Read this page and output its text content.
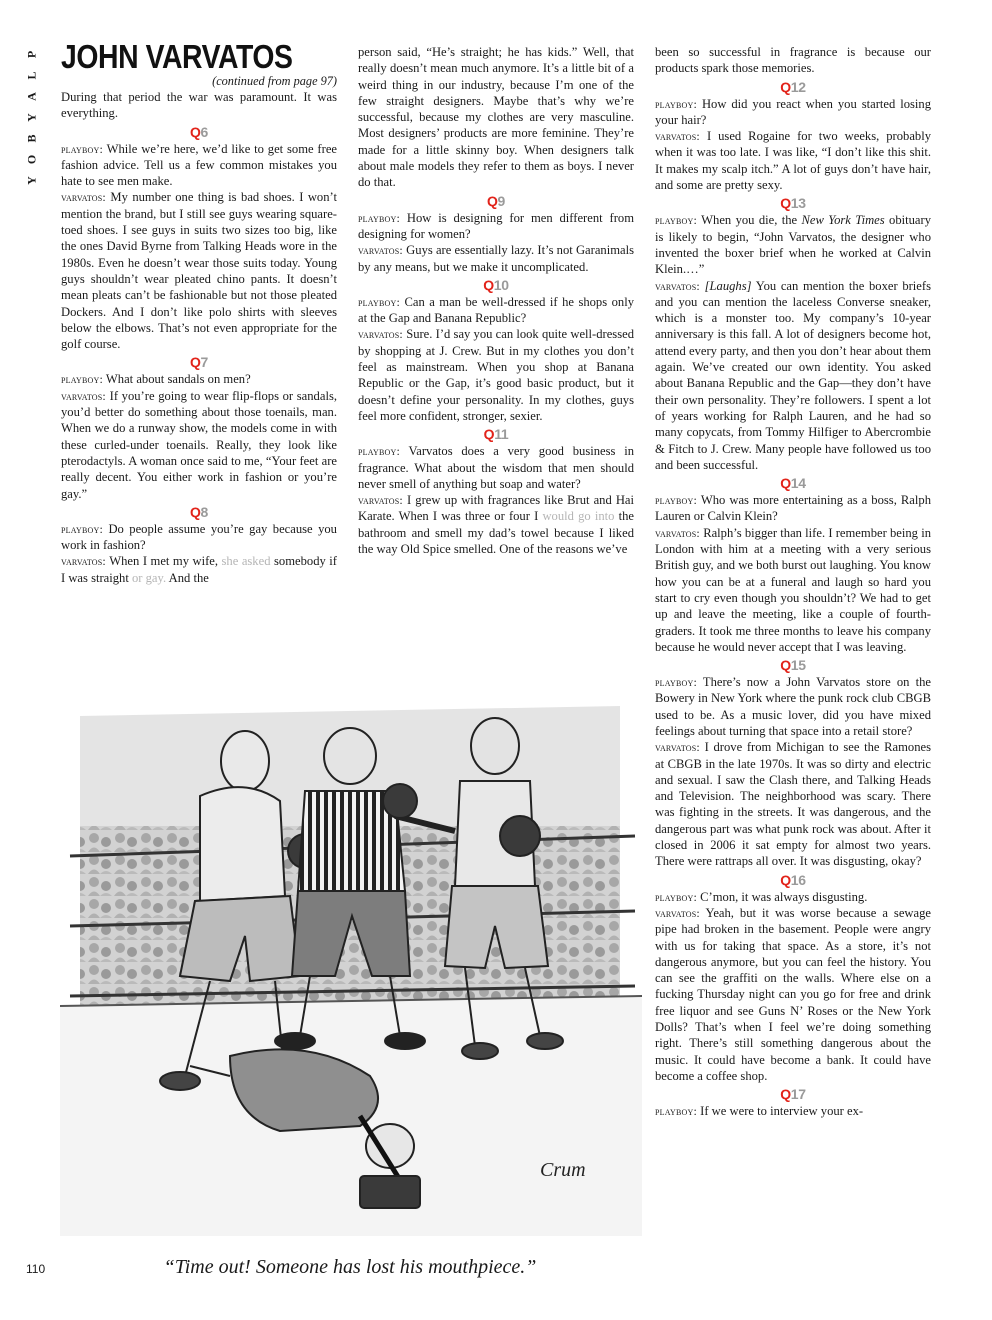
P
L
A
Y
B
O
Y
JOHN VARVATOS

(continued from page 97)

During that period the war was paramount. It was everything.

Q6

playboy: While we’re here, we’d like to get some free fashion advice. Tell us a few common mistakes you hate to see men make.

varvatos: My number one thing is bad shoes. I won’t mention the brand, but I still see guys wearing square-toed shoes. I see guys in suits two sizes too big, like the ones David Byrne from Talking Heads wore in the 1980s. Even he doesn’t wear those suits today. Young guys shouldn’t wear pleated chino pants. It doesn’t mean pleats can’t be fashionable but not those pleated Dockers. And I don’t like polo shirts with sleeves below the elbows. That’s not even appropriate for the golf course.

Q7

playboy: What about sandals on men?

varvatos: If you’re going to wear flip-flops or sandals, you’d better do something about those toenails, man. When we do a runway show, the models come in with these curled-under toenails. Really, they look like pterodactyls. A woman once said to me, “Your feet are really decent. You either work in fashion or you’re gay.”

Q8

playboy: Do people assume you’re gay because you work in fashion?

varvatos: When I met my wife, she asked somebody if I was straight or gay. And the

person said, “He’s straight; he has kids.” Well, that really doesn’t mean much anymore. It’s a little bit of a weird thing in our industry, because I’m one of the few straight designers. Maybe that’s why we’re successful, because my clothes are very masculine. Most designers’ products are more feminine. They’re made for a little skinny boy. When designers talk about male models they refer to them as boys. I never do that.

Q9

playboy: How is designing for men different from designing for women?

varvatos: Guys are essentially lazy. It’s not Garanimals by any means, but we make it uncomplicated.

Q10

playboy: Can a man be well-dressed if he shops only at the Gap and Banana Republic?

varvatos: Sure. I’d say you can look quite well-dressed by shopping at J. Crew. But in my clothes you don’t feel as mainstream. When you shop at Banana Republic or the Gap, it’s good basic product, but it doesn’t define your personality. In my clothes, guys feel more confident, stronger, sexier.

Q11

playboy: Varvatos does a very good business in fragrance. What about the wisdom that men should never smell of anything but soap and water?

varvatos: I grew up with fragrances like Brut and Hai Karate. When I was three or four I would go into the bathroom and smell my dad’s towel because I liked the way Old Spice smelled. One of the reasons we’ve

been so successful in fragrance is because our products spark those memories.

Q12

playboy: How did you react when you started losing your hair?

varvatos: I used Rogaine for two weeks, probably when it was too late. I was like, “I don’t like this shit. It makes my scalp itch.” A lot of guys don’t have hair, and some are pretty sexy.

Q13

playboy: When you die, the New York Times obituary is likely to begin, “John Varvatos, the designer who invented the boxer brief when he worked at Calvin Klein.…”

varvatos: [Laughs] You can mention the boxer briefs and you can mention the laceless Converse sneaker, which is a monster too. My company’s 10-year anniversary is this fall. A lot of designers become hot, attend every party, and then you don’t hear about them again. We’ve created our own identity. You asked about Banana Republic and the Gap—they don’t have their own personality. They’re followers. I spent a lot of years working for Ralph Lauren, and he had so many copycats, from Tommy Hilfiger to Abercrombie & Fitch to J. Crew. Many people have followed us too and been successful.

Q14

playboy: Who was more entertaining as a boss, Ralph Lauren or Calvin Klein?

varvatos: Ralph’s bigger than life. I remember being in London with him at a meeting with a very serious British guy, and we both burst out laughing. You know how you can be at a funeral and laugh so hard you start to cry even though you shouldn’t? We had to get up and leave the meeting, like a couple of fourth-graders. It took me three months to leave his company because he would never accept that I was leaving.

Q15

playboy: There’s now a John Varvatos store on the Bowery in New York where the punk rock club CBGB used to be. As a music lover, did you have mixed feelings about turning that space into a retail store?

varvatos: I drove from Michigan to see the Ramones at CBGB in the late 1970s. It was so dirty and electric and sexual. I saw the Clash there, and Talking Heads and Television. The neighborhood was scary. There was fighting in the streets. It was dangerous, and the dangerous part was what punk rock was about. After it closed in 2006 it sat empty for almost two years. There were rattraps all over. It was disgusting, okay?

Q16

playboy: C’mon, it was always disgusting.

varvatos: Yeah, but it was worse because a sewage pipe had broken in the basement. People were angry with us for taking that space. As a store, it’s not dangerous anymore, but you can feel the history. You can see the graffiti on the walls. Where else on a fucking Thursday night can you go for free and drink free liquor and see Guns N’ Roses or the New York Dolls? That’s when I feel we’re doing something right. There’s still something dangerous about the music. It could have become a bank. It could have become a coffee shop.

Q17

playboy: If we were to interview your ex-

Crum
“Time out! Someone has lost his mouthpiece.”
110
